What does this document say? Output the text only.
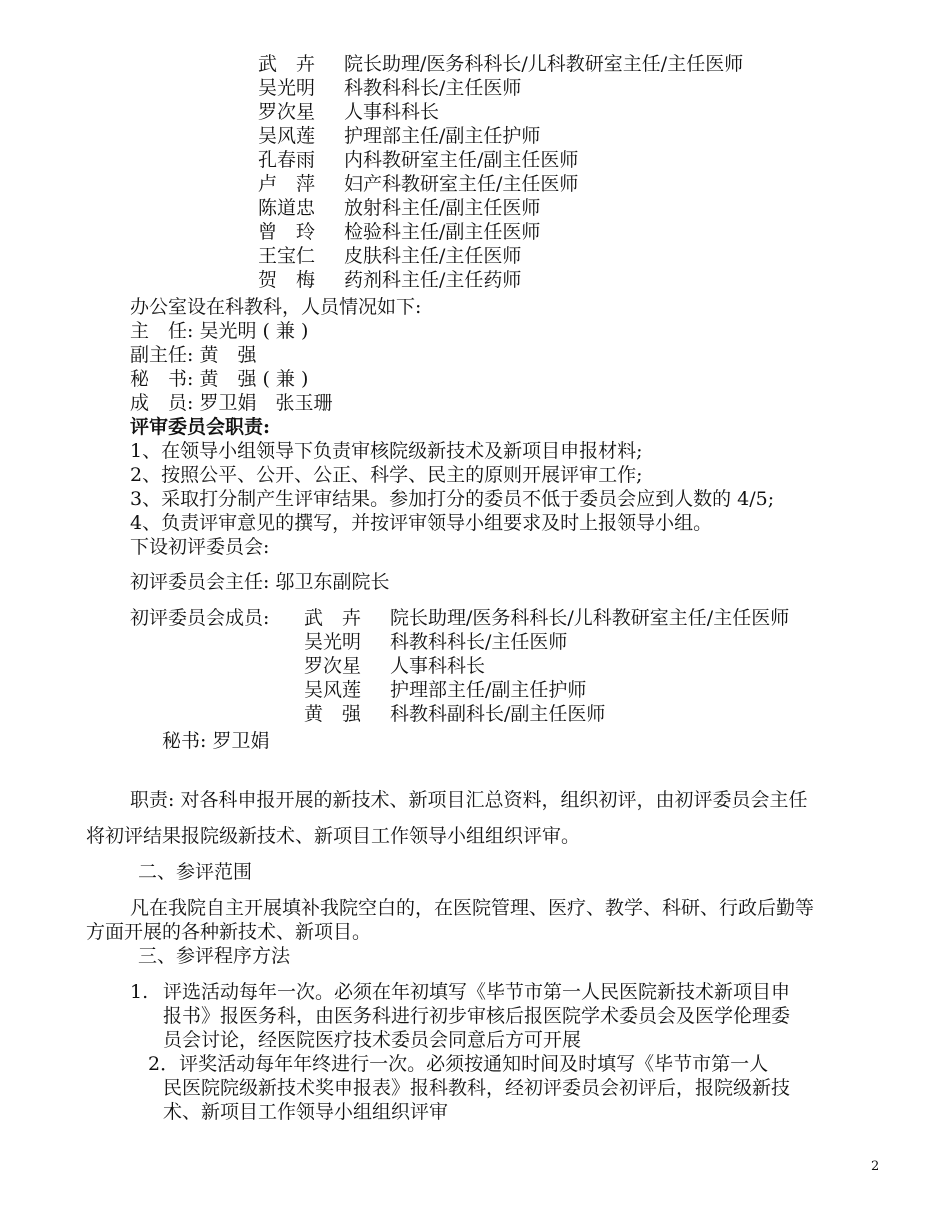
武　卉 院长助理/医务科科长/儿科教研室主任/主任医师
吴光明 科教科科长/主任医师
罗次星 人事科科长
吴风莲 护理部主任/副主任护师
孔春雨 内科教研室主任/副主任医师
卢　萍 妇产科教研室主任/主任医师
陈道忠 放射科主任/副主任医师
曾　玲 检验科主任/副主任医师
王宝仁 皮肤科主任/主任医师
贺　梅 药剂科主任/主任药师
办公室设在科教科，人员情况如下:
主　任: 吴光明 ( 兼 )
副主任: 黄　强
秘　书: 黄　强 ( 兼 )
成　员: 罗卫娟　张玉珊
评审委员会职责:
1、在领导小组领导下负责审核院级新技术及新项目申报材料;
2、按照公平、公开、公正、科学、民主的原则开展评审工作;
3、采取打分制产生评审结果。参加打分的委员不低于委员会应到人数的 4/5;
4、负责评审意见的撰写，并按评审领导小组要求及时上报领导小组。
下设初评委员会:
初评委员会主任: 邬卫东副院长
初评委员会成员: 武　卉 院长助理/医务科科长/儿科教研室主任/主任医师
吴光明 科教科科长/主任医师
罗次星 人事科科长
吴风莲 护理部主任/副主任护师
黄　强 科教科副科长/副主任医师
秘书: 罗卫娟
职责: 对各科申报开展的新技术、新项目汇总资料，组织初评，由初评委员会主任
将初评结果报院级新技术、新项目工作领导小组组织评审。
二、参评范围
凡在我院自主开展填补我院空白的，在医院管理、医疗、教学、科研、行政后勤等
方面开展的各种新技术、新项目。
三、参评程序方法
1. 评选活动每年一次。必须在年初填写《毕节市第一人民医院新技术新项目申
报书》报医务科，由医务科进行初步审核后报医院学术委员会及医学伦理委
员会讨论，经医院医疗技术委员会同意后方可开展
2．评奖活动每年年终进行一次。必须按通知时间及时填写《毕节市第一人
民医院院级新技术奖申报表》报科教科，经初评委员会初评后，报院级新技
术、新项目工作领导小组组织评审
2
